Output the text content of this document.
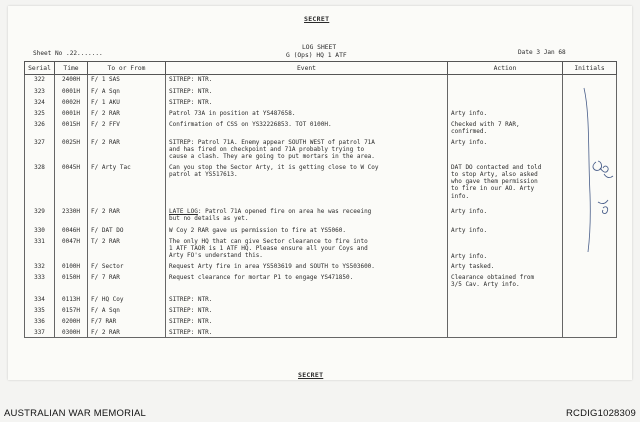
SECRET
Sheet No .22.......
LOG SHEET
G (Ops) HQ 1 ATF	Date 3 Jan 68
Serial	Time	To or From	Event	Action	Initials
322	2400H	F/ 1 SAS	SITREP: NTR.		
323	0001H	F/ A Sqn	SITREP: NTR.		
324	0002H	F/ 1 AKU	SITREP: NTR.		
325	0001H	F/ 2 RAR	Patrol 73A in position at YS487658.	Arty info.	
326	0015H	F/ 2 FFV	Confirmation of CSS on YS32226853. TOT 0100H.	Checked with 7 RAR,
confirmed.	
327	0025H	F/ 2 RAR	SITREP: Patrol 71A. Enemy appear SOUTH WEST of patrol 71A
and has fired on checkpoint and 71A probably trying to
cause a clash. They are going to put mortars in the area.	Arty info.	
328	0045H	F/ Arty Tac	Can you stop the Sector Arty, it is getting close to W Coy
patrol at YS517613.	DAT DO contacted and told
to stop Arty, also asked
who gave them permission
to fire in our AO. Arty
info.	
329	2330H	F/ 2 RAR	LATE LOG: Patrol 71A opened fire on area he was receeing
but no details as yet.	Arty info.	
330	0046H	F/ DAT DO	W Coy 2 RAR gave us permission to fire at YS5060.	Arty info.	
331	0047H	T/ 2 RAR	The only HQ that can give Sector clearance to fire into
1 ATF TAOR is 1 ATF HQ. Please ensure all your Coys and
Arty FO's understand this.	Arty info.	
332	0100H	F/ Sector	Request Arty fire in area YS503619 and SOUTH to YS503600.	Arty tasked.	
333	0150H	F/ 7 RAR	Request clearance for mortar P1 to engage YS471850.	Clearance obtained from
3/5 Cav. Arty info.	
334	0113H	F/ HQ Coy	SITREP: NTR.		
335	0157H	F/ A Sqn	SITREP: NTR.		
336	0200H	F/7 RAR	SITREP: NTR.		
337	0300H	F/ 2 RAR	SITREP: NTR.		
SECRET
AUSTRALIAN WAR MEMORIAL	RCDIG1028309
